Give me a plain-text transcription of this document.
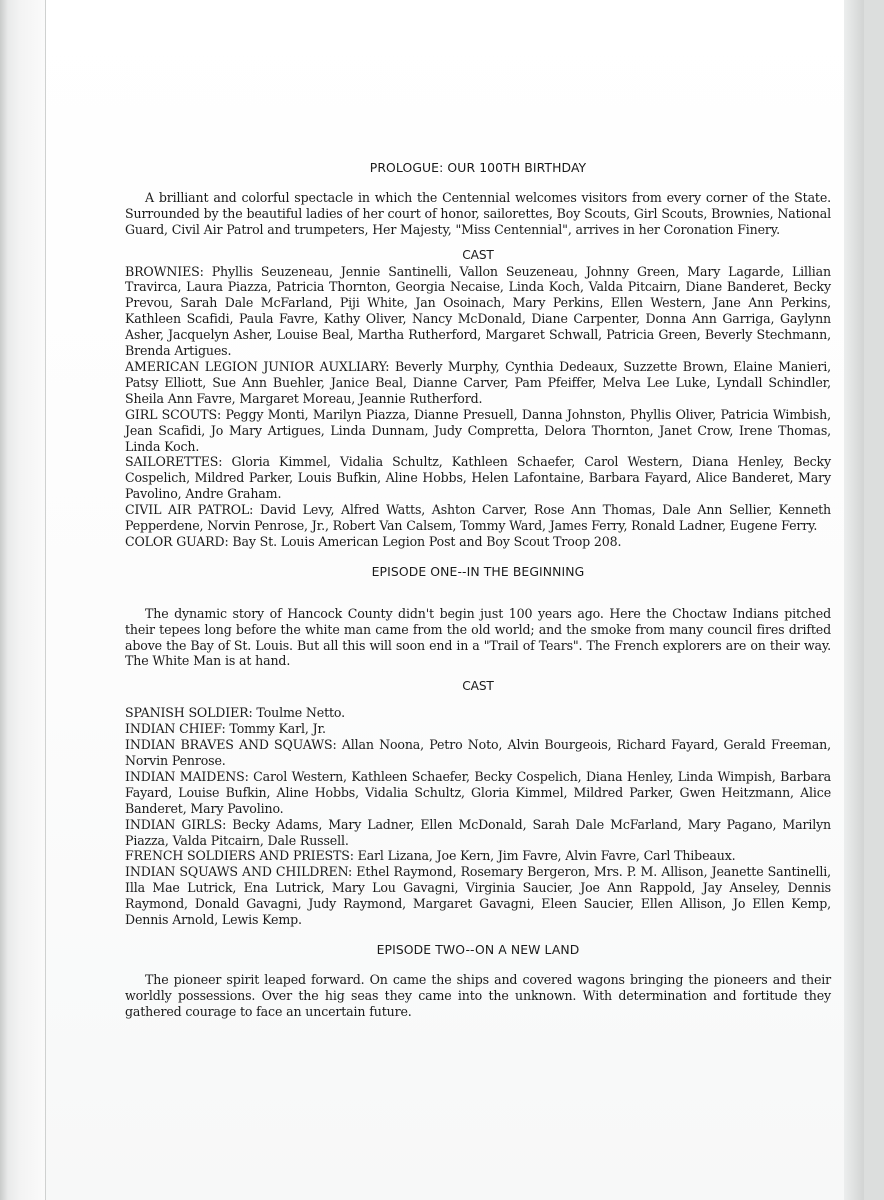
PROLOGUE: OUR 100TH BIRTHDAY

A brilliant and colorful spectacle in which the Centennial welcomes visitors from every corner of the State. Surrounded by the beautiful ladies of her court of honor, sailorettes, Boy Scouts, Girl Scouts, Brownies, National Guard, Civil Air Patrol and trumpeters, Her Majesty, "Miss Centennial", arrives in her Coronation Finery.

CAST

BROWNIES: Phyllis Seuzeneau, Jennie Santinelli, Vallon Seuzeneau, Johnny Green, Mary Lagarde, Lillian Travirca, Laura Piazza, Patricia Thornton, Georgia Necaise, Linda Koch, Valda Pitcairn, Diane Banderet, Becky Prevou, Sarah Dale McFarland, Piji White, Jan Osoinach, Mary Perkins, Ellen Western, Jane Ann Perkins, Kathleen Scafidi, Paula Favre, Kathy Oliver, Nancy McDonald, Diane Carpenter, Donna Ann Garriga, Gaylynn Asher, Jacquelyn Asher, Louise Beal, Martha Rutherford, Margaret Schwall, Patricia Green, Beverly Stechmann, Brenda Artigues.

AMERICAN LEGION JUNIOR AUXLIARY: Beverly Murphy, Cynthia Dedeaux, Suzzette Brown, Elaine Manieri, Patsy Elliott, Sue Ann Buehler, Janice Beal, Dianne Carver, Pam Pfeiffer, Melva Lee Luke, Lyndall Schindler, Sheila Ann Favre, Margaret Moreau, Jeannie Rutherford.

GIRL SCOUTS: Peggy Monti, Marilyn Piazza, Dianne Presuell, Danna Johnston, Phyllis Oliver, Patricia Wimbish, Jean Scafidi, Jo Mary Artigues, Linda Dunnam, Judy Compretta, Delora Thornton, Janet Crow, Irene Thomas, Linda Koch.

SAILORETTES: Gloria Kimmel, Vidalia Schultz, Kathleen Schaefer, Carol Western, Diana Henley, Becky Cospelich, Mildred Parker, Louis Bufkin, Aline Hobbs, Helen Lafontaine, Barbara Fayard, Alice Banderet, Mary Pavolino, Andre Graham.

CIVIL AIR PATROL: David Levy, Alfred Watts, Ashton Carver, Rose Ann Thomas, Dale Ann Sellier, Kenneth Pepperdene, Norvin Penrose, Jr., Robert Van Calsem, Tommy Ward, James Ferry, Ronald Ladner, Eugene Ferry.

COLOR GUARD: Bay St. Louis American Legion Post and Boy Scout Troop 208.

EPISODE ONE--IN THE BEGINNING

The dynamic story of Hancock County didn't begin just 100 years ago. Here the Choctaw Indians pitched their tepees long before the white man came from the old world; and the smoke from many council fires drifted above the Bay of St. Louis. But all this will soon end in a "Trail of Tears". The French explorers are on their way. The White Man is at hand.

CAST

SPANISH SOLDIER: Toulme Netto.

INDIAN CHIEF: Tommy Karl, Jr.

INDIAN BRAVES AND SQUAWS: Allan Noona, Petro Noto, Alvin Bourgeois, Richard Fayard, Gerald Freeman, Norvin Penrose.

INDIAN MAIDENS: Carol Western, Kathleen Schaefer, Becky Cospelich, Diana Henley, Linda Wimpish, Barbara Fayard, Louise Bufkin, Aline Hobbs, Vidalia Schultz, Gloria Kimmel, Mildred Parker, Gwen Heitzmann, Alice Banderet, Mary Pavolino.

INDIAN GIRLS: Becky Adams, Mary Ladner, Ellen McDonald, Sarah Dale McFarland, Mary Pagano, Marilyn Piazza, Valda Pitcairn, Dale Russell.

FRENCH SOLDIERS AND PRIESTS: Earl Lizana, Joe Kern, Jim Favre, Alvin Favre, Carl Thibeaux.

INDIAN SQUAWS AND CHILDREN: Ethel Raymond, Rosemary Bergeron, Mrs. P. M. Allison, Jeanette Santinelli, Illa Mae Lutrick, Ena Lutrick, Mary Lou Gavagni, Virginia Saucier, Joe Ann Rappold, Jay Anseley, Dennis Raymond, Donald Gavagni, Judy Raymond, Margaret Gavagni, Eleen Saucier, Ellen Allison, Jo Ellen Kemp, Dennis Arnold, Lewis Kemp.

EPISODE TWO--ON A NEW LAND

The pioneer spirit leaped forward. On came the ships and covered wagons bringing the pioneers and their worldly possessions. Over the hig seas they came into the unknown. With determination and fortitude they gathered courage to face an uncertain future.
